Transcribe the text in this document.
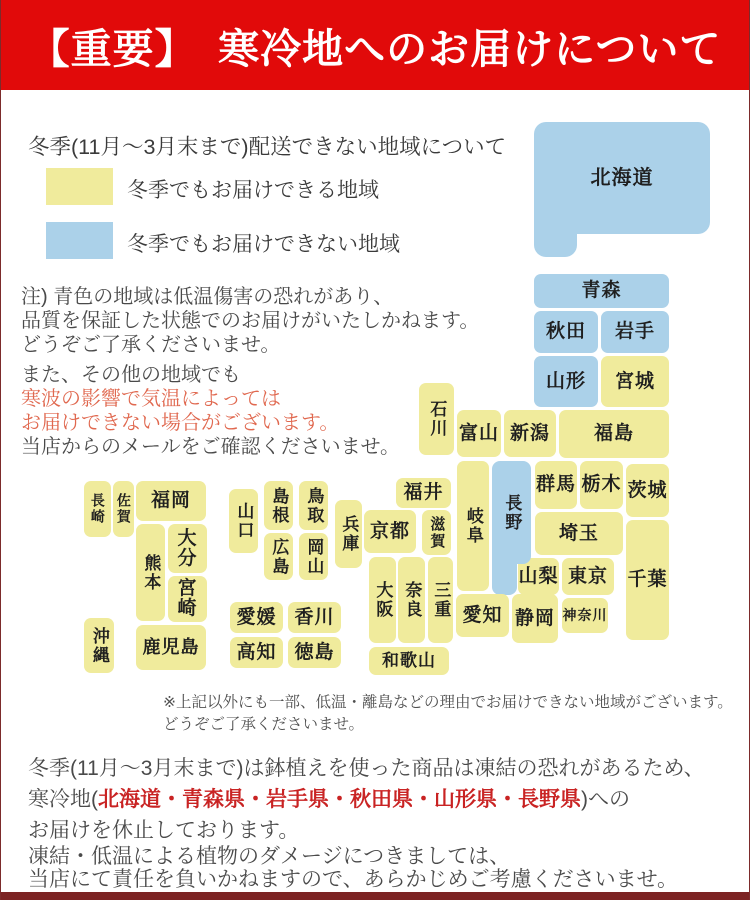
【重要】　寒冷地へのお届けについて
冬季(11月〜3月末まで)配送できない地域について
冬季でもお届けできる地域
冬季でもお届けできない地域
注) 青色の地域は低温傷害の恐れがあり、
品質を保証した状態でのお届けがいたしかねます。
どうぞご了承くださいませ。
また、その他の地域でも
寒波の影響で気温によっては
お届けできない場合がございます。
当店からのメールをご確認くださいませ。
北海道
青森
秋田	岩手
山形	宮城
福島
新潟
富山
石川
群馬 栃木 茨城
埼玉
山梨 東京	千葉
神奈川
長野
岐阜
静岡
愛知
福井
京都	滋賀
兵庫
大阪 奈良 三重
和歌山
鳥取
島根
岡山
広島
山口
愛媛 香川
高知 徳島
長崎 佐賀	福岡
熊本
大分
宮崎
鹿児島
沖縄
※上記以外にも一部、低温・離島などの理由でお届けできない地域がございます。
どうぞご了承くださいませ。
冬季(11月〜3月末まで)は鉢植えを使った商品は凍結の恐れがあるため、
寒冷地(北海道・青森県・岩手県・秋田県・山形県・長野県)への
お届けを休止しております。
凍結・低温による植物のダメージにつきましては、
当店にて責任を負いかねますので、あらかじめご考慮くださいませ。
